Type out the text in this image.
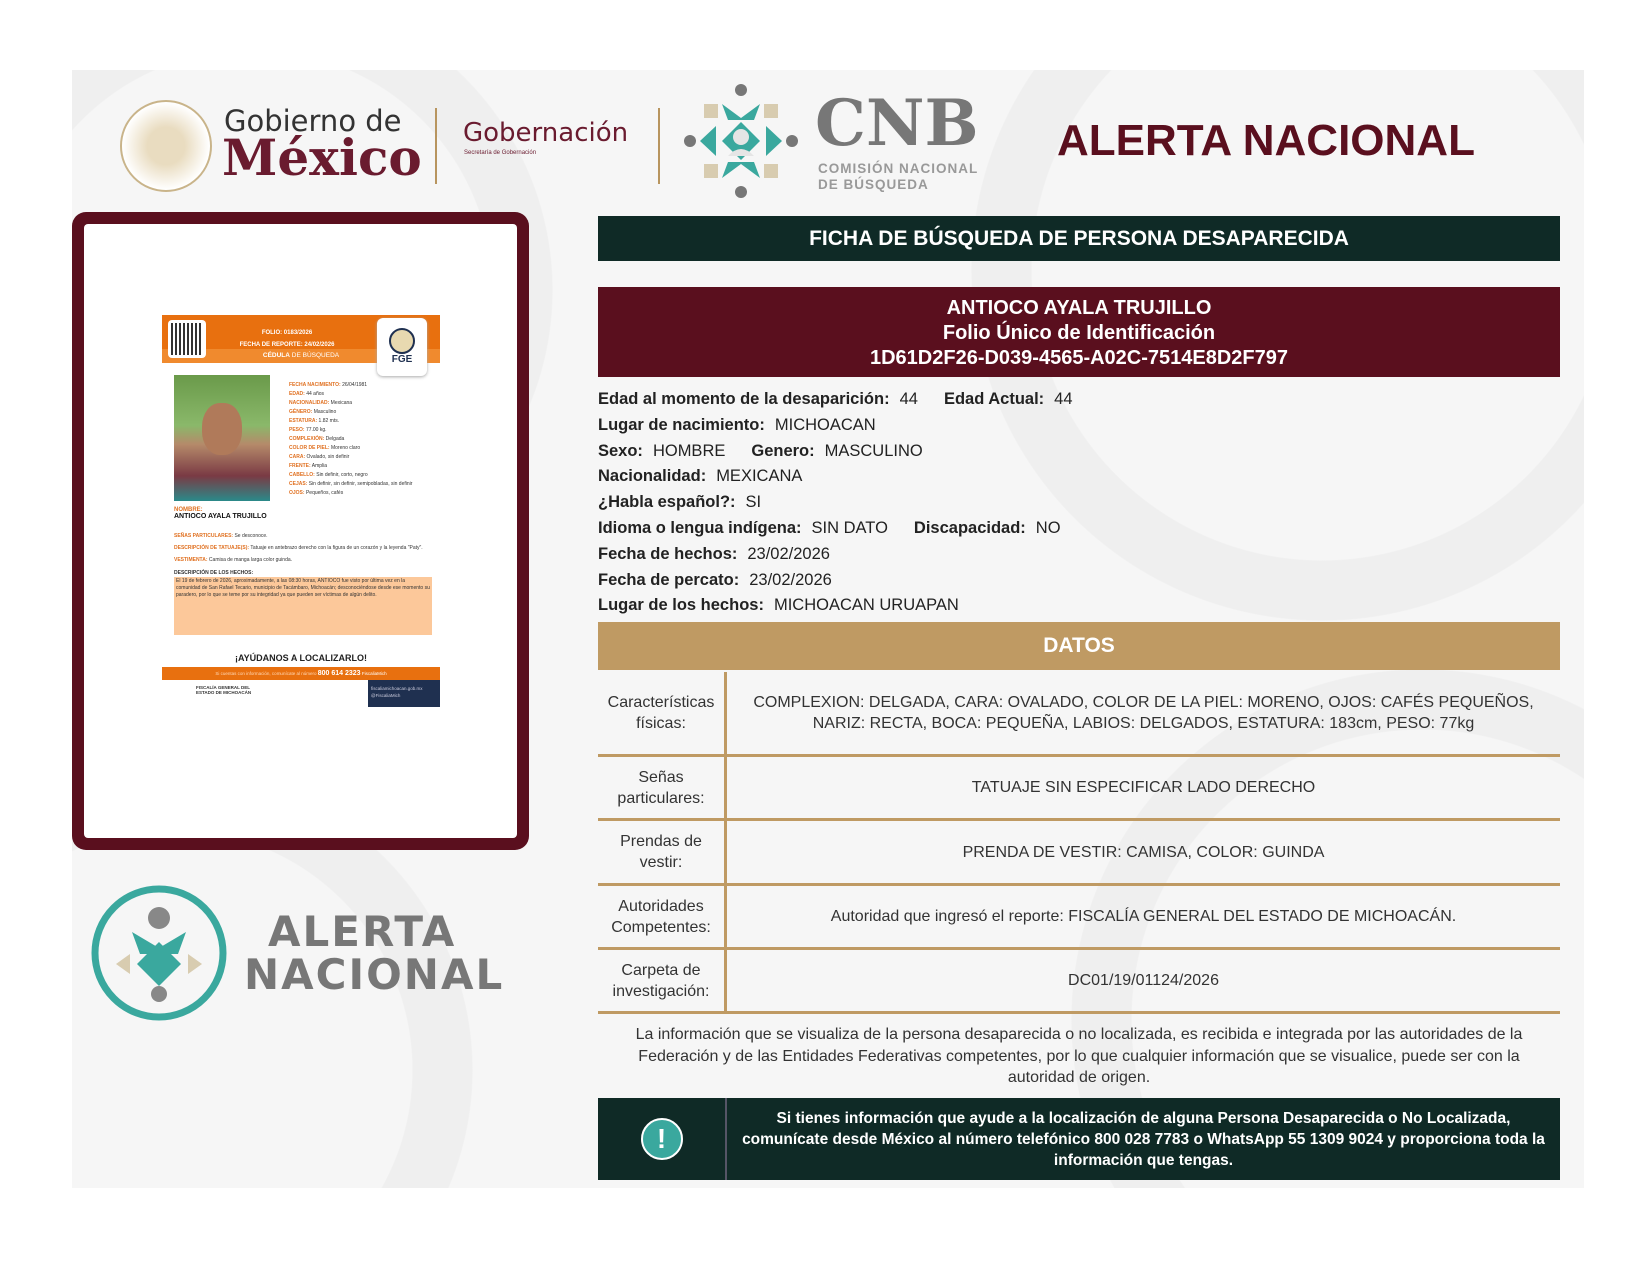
Gobierno de
México Gobernación
Secretaría de Gobernación	CNB
COMISIÓN NACIONAL
DE BÚSQUEDA
ALERTA NACIONAL
CÉDULA DE BÚSQUEDA
FOLIO: 0183/2026
FECHA DE REPORTE: 24/02/2026
FGE
FECHA NACIMIENTO: 26/04/1981
EDAD: 44 años
NACIONALIDAD: Mexicana
GÉNERO: Masculino
ESTATURA: 1.82 mts.
PESO: 77.00 kg.
COMPLEXIÓN: Delgada
COLOR DE PIEL: Moreno claro
CARA: Ovalado, sin definir
FRENTE: Amplia
CABELLO: Sin definir, corto, negro
CEJAS: Sin definir, sin definir, semipobladas, sin definir
OJOS: Pequeños, cafés
NOMBRE:
ANTIOCO AYALA TRUJILLO
SEÑAS PARTICULARES: Se desconoce.
DESCRIPCIÓN DE TATUAJE(S): Tatuaje en antebrazo derecho con la figura de un corazón y la leyenda "Paty".
VESTIMENTA: Camisa de manga larga color guinda.
DESCRIPCIÓN DE LOS HECHOS:
El 19 de febrero de 2026, aproximadamente, a las 08:30 horas, ANTIOCO fue visto por última vez en la comunidad de San Rafael Tecario, municipio de Tacámbaro, Michoacán; desconociéndose desde ese momento su paradero, por lo que se teme por su integridad ya que pueden ser víctimas de algún delito.
¡AYÚDANOS A LOCALIZARLO!
Si cuentas con información, comunícate al número 800 614 2323 FiscaliaMich
FISCALÍA GENERAL DEL ESTADO DE MICHOACÁN
fiscaliamichoacan.gob.mx
@FiscaliaMich
ALERTA
NACIONAL
FICHA DE BÚSQUEDA DE PERSONA DESAPARECIDA
ANTIOCO AYALA TRUJILLO
Folio Único de Identificación
1D61D2F26-D039-4565-A02C-7514E8D2F797
Edad al momento de la desaparición: 44 Edad Actual: 44
Lugar de nacimiento: MICHOACAN
Sexo: HOMBRE Genero: MASCULINO
Nacionalidad: MEXICANA
¿Habla español?: SI
Idioma o lengua indígena: SIN DATO Discapacidad: NO
Fecha de hechos: 23/02/2026
Fecha de percato: 23/02/2026
Lugar de los hechos: MICHOACAN URUAPAN
DATOS
Características físicas:
COMPLEXION: DELGADA, CARA: OVALADO, COLOR DE LA PIEL: MORENO, OJOS: CAFÉS PEQUEÑOS, NARIZ: RECTA, BOCA: PEQUEÑA, LABIOS: DELGADOS, ESTATURA: 183cm, PESO: 77kg
Señas particulares:
TATUAJE SIN ESPECIFICAR LADO DERECHO
Prendas de vestir:
PRENDA DE VESTIR: CAMISA, COLOR: GUINDA
Autoridades Competentes:
Autoridad que ingresó el reporte: FISCALÍA GENERAL DEL ESTADO DE MICHOACÁN.
Carpeta de investigación:
DC01/19/01124/2026
La información que se visualiza de la persona desaparecida o no localizada, es recibida e integrada por las autoridades de la Federación y de las Entidades Federativas competentes, por lo que cualquier información que se visualice, puede ser con la autoridad de origen.
!
Si tienes información que ayude a la localización de alguna Persona Desaparecida o No Localizada, comunícate desde México al número telefónico 800 028 7783 o WhatsApp 55 1309 9024 y proporciona toda la información que tengas.
